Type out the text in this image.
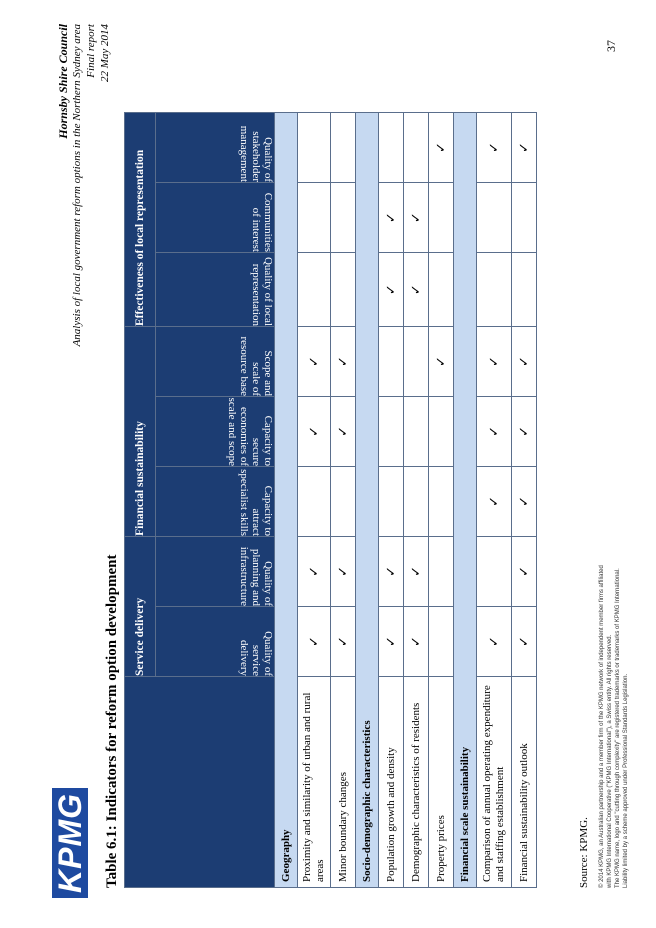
KPMG
Hornsby Shire Council Analysis of local government reform options in the Northern Sydney area Final report 22 May 2014
Table 6.1: Indicators for reform option development
	Service delivery		Financial sustainability			Effectiveness of local representation		

	Quality of service delivery	Quality of planning and infrastructure	Capacity to attract specialist skills	Capacity to secure economies of scale and scope	Scope and scale of resource base	Quality of local representation	Communities of interest	Quality of stakeholder management

Geography								
Proximity and similarity of urban and rural areas	✓	✓		✓	✓			
Minor boundary changes	✓	✓		✓	✓			
Socio-demographic characteristics								
Population growth and density	✓	✓				✓	✓	
Demographic characteristics of residents	✓	✓				✓	✓	
Property prices					✓			✓
Financial scale sustainability								
Comparison of annual operating expenditure and staffing establishment	✓		✓	✓	✓			✓
Financial sustainability outlook	✓	✓	✓	✓	✓			✓
Source: KPMG. © 2014 KPMG, an Australian partnership and a member firm of the KPMG network of independent member firms affiliated with KPMG International Cooperative ("KPMG International"), a Swiss entity. All rights reserved. The KPMG name, logo and "cutting through complexity" are registered trademarks or trademarks of KPMG International. Liability limited by a scheme approved under Professional Standards Legislation.
37
